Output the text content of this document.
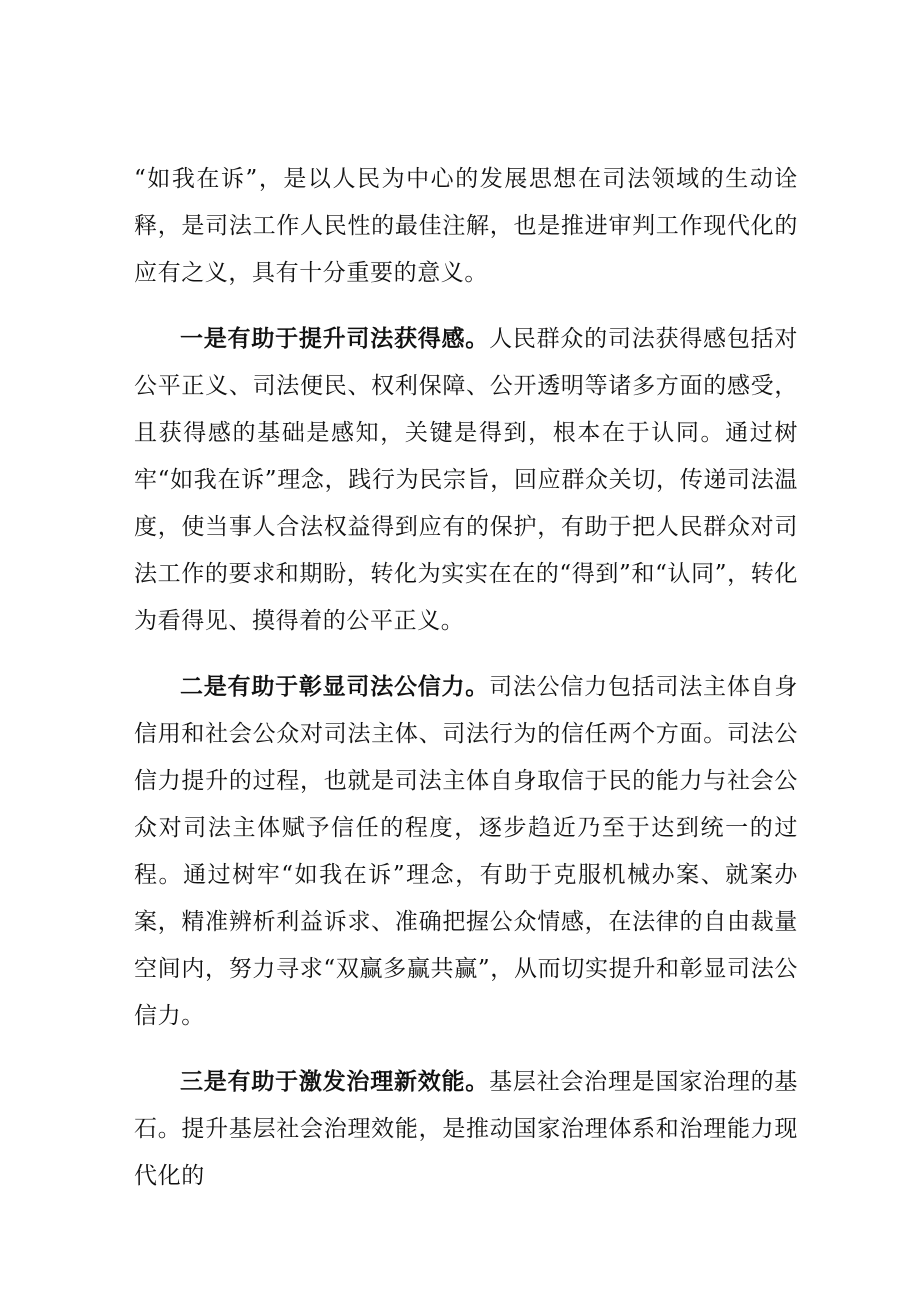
“如我在诉”，是以人民为中心的发展思想在司法领域的生动诠释，是司法工作人民性的最佳注解，也是推进审判工作现代化的应有之义，具有十分重要的意义。

一是有助于提升司法获得感。人民群众的司法获得感包括对公平正义、司法便民、权利保障、公开透明等诸多方面的感受，且获得感的基础是感知，关键是得到，根本在于认同。通过树牢“如我在诉”理念，践行为民宗旨，回应群众关切，传递司法温度，使当事人合法权益得到应有的保护，有助于把人民群众对司法工作的要求和期盼，转化为实实在在的“得到”和“认同”，转化为看得见、摸得着的公平正义。

二是有助于彰显司法公信力。司法公信力包括司法主体自身信用和社会公众对司法主体、司法行为的信任两个方面。司法公信力提升的过程，也就是司法主体自身取信于民的能力与社会公众对司法主体赋予信任的程度，逐步趋近乃至于达到统一的过程。通过树牢“如我在诉”理念，有助于克服机械办案、就案办案，精准辨析利益诉求、准确把握公众情感，在法律的自由裁量空间内，努力寻求“双赢多赢共赢”，从而切实提升和彰显司法公信力。

三是有助于激发治理新效能。基层社会治理是国家治理的基石。提升基层社会治理效能，是推动国家治理体系和治理能力现代化的
